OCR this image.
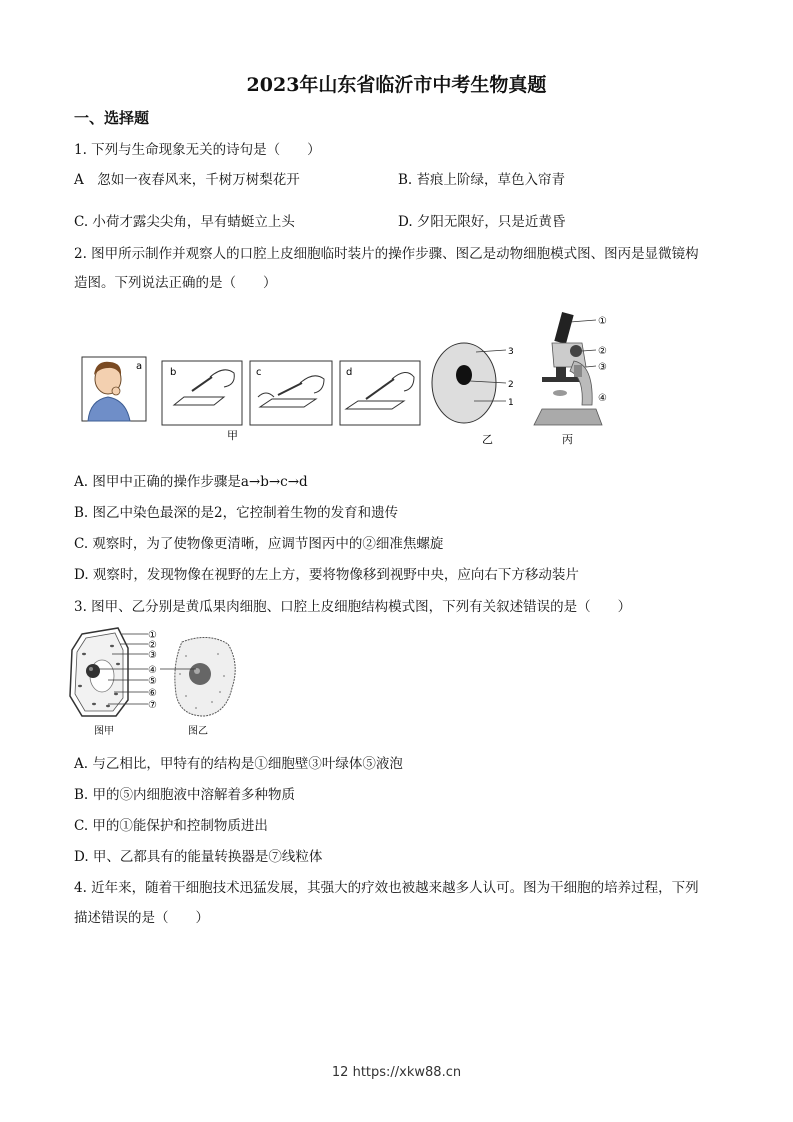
2023年山东省临沂市中考生物真题
一、选择题
1. 下列与生命现象无关的诗句是（　　）
A　忽如一夜春风来，千树万树梨花开	B. 苔痕上阶绿，草色入帘青
C. 小荷才露尖尖角，早有蜻蜓立上头	D. 夕阳无限好，只是近黄昏
2. 图甲所示制作并观察人的口腔上皮细胞临时装片的操作步骤、图乙是动物细胞模式图、图丙是显微镜构
造图。下列说法正确的是（　　）
a
b	c	d
甲
3
2
1
乙
①
②
③
④
丙
A. 图甲中正确的操作步骤是a→b→c→d
B. 图乙中染色最深的是2，它控制着生物的发育和遗传
C. 观察时，为了使物像更清晰，应调节图丙中的②细准焦螺旋
D. 观察时，发现物像在视野的左上方，要将物像移到视野中央，应向右下方移动装片
3. 图甲、乙分别是黄瓜果肉细胞、口腔上皮细胞结构模式图，下列有关叙述错误的是（　　）
①
②
③
④
⑤
⑥
⑦
图甲	图乙
A. 与乙相比，甲特有的结构是①细胞壁③叶绿体⑤液泡
B. 甲的⑤内细胞液中溶解着多种物质
C. 甲的①能保护和控制物质进出
D. 甲、乙都具有的能量转换器是⑦线粒体
4. 近年来，随着干细胞技术迅猛发展，其强大的疗效也被越来越多人认可。图为干细胞的培养过程，下列
描述错误的是（　　）
12 https://xkw88.cn
